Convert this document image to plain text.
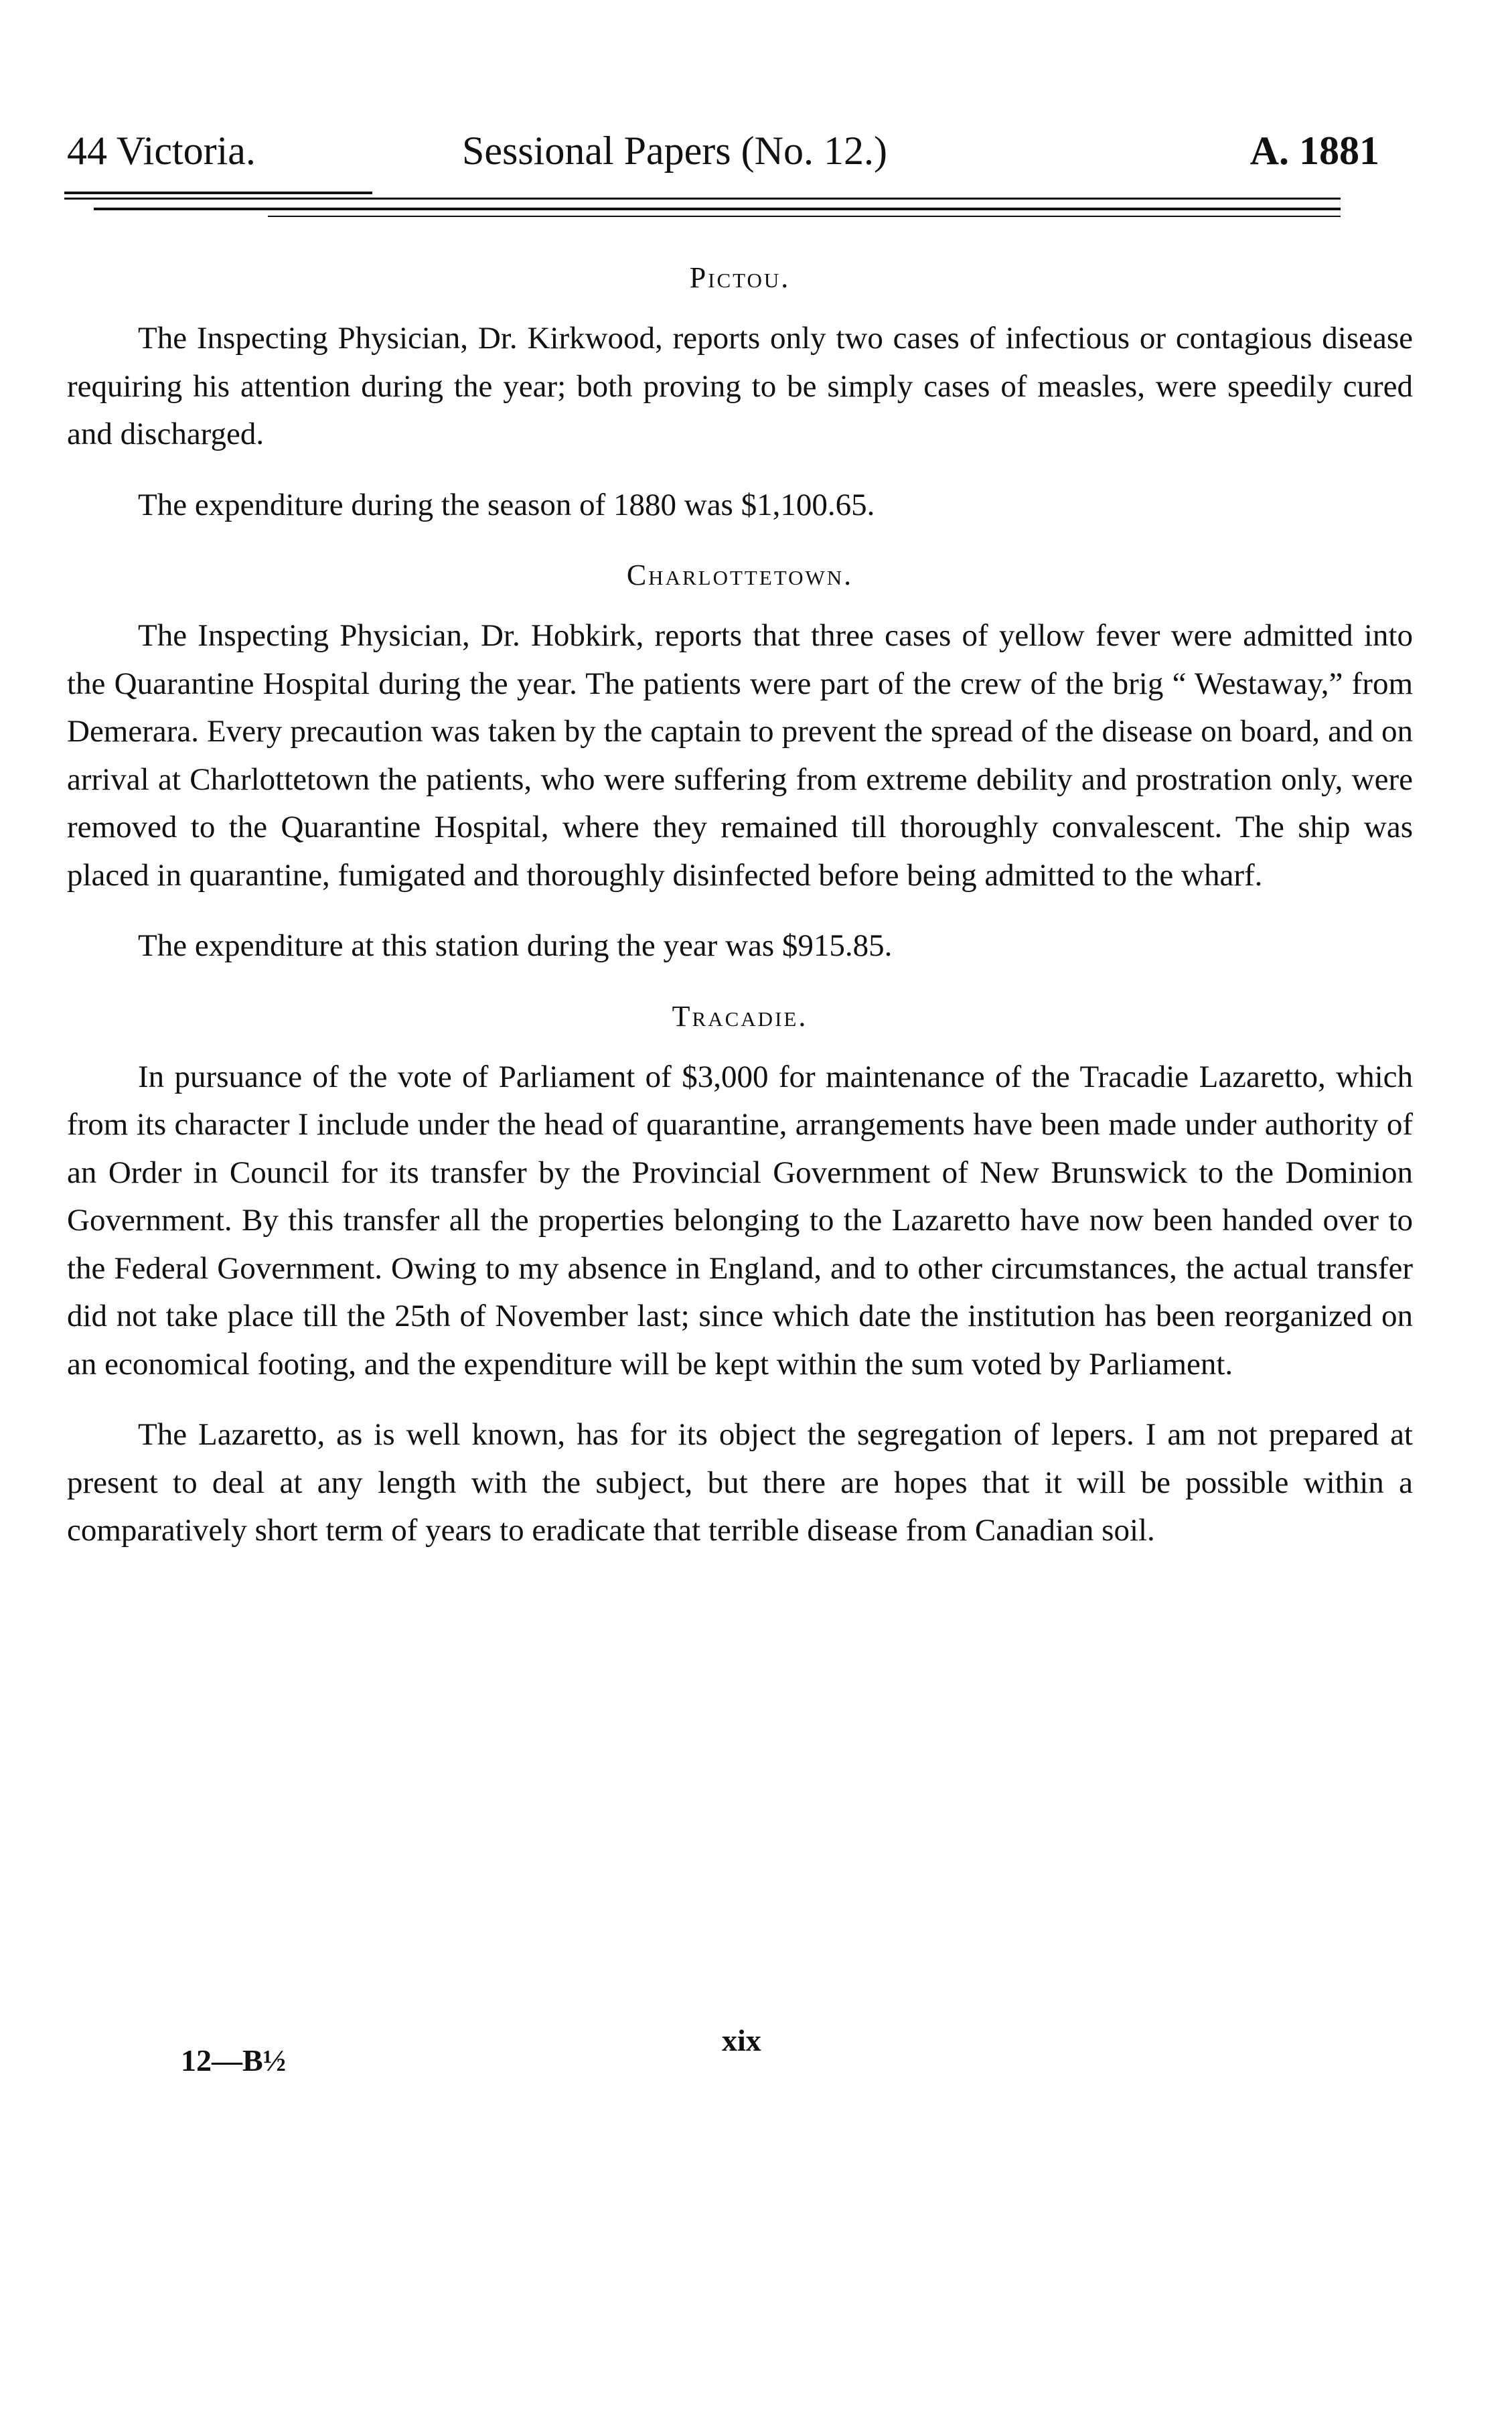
44 Victoria.	Sessional Papers (No. 12.)	A. 1881
Pictou.

The Inspecting Physician, Dr. Kirkwood, reports only two cases of infectious or contagious disease requiring his attention during the year; both proving to be simply cases of measles, were speedily cured and discharged.

The expenditure during the season of 1880 was $1,100.65.

Charlottetown.

The Inspecting Physician, Dr. Hobkirk, reports that three cases of yellow fever were admitted into the Quarantine Hospital during the year. The patients were part of the crew of the brig “ Westaway,” from Demerara. Every precaution was taken by the captain to prevent the spread of the disease on board, and on arrival at Charlottetown the patients, who were suffering from extreme debility and prostration only, were removed to the Quarantine Hospital, where they remained till thoroughly convalescent. The ship was placed in quarantine, fumigated and thoroughly disinfected before being admitted to the wharf.

The expenditure at this station during the year was $915.85.

Tracadie.

In pursuance of the vote of Parliament of $3,000 for maintenance of the Tracadie Lazaretto, which from its character I include under the head of quarantine, arrangements have been made under authority of an Order in Council for its transfer by the Provincial Government of New Brunswick to the Dominion Government. By this transfer all the properties belonging to the Lazaretto have now been handed over to the Federal Government. Owing to my absence in England, and to other circumstances, the actual transfer did not take place till the 25th of November last; since which date the institution has been reorganized on an economical footing, and the expenditure will be kept within the sum voted by Parliament.

The Lazaretto, as is well known, has for its object the segregation of lepers. I am not prepared at present to deal at any length with the subject, but there are hopes that it will be possible within a comparatively short term of years to eradicate that terrible disease from Canadian soil.

12—B½
xix
